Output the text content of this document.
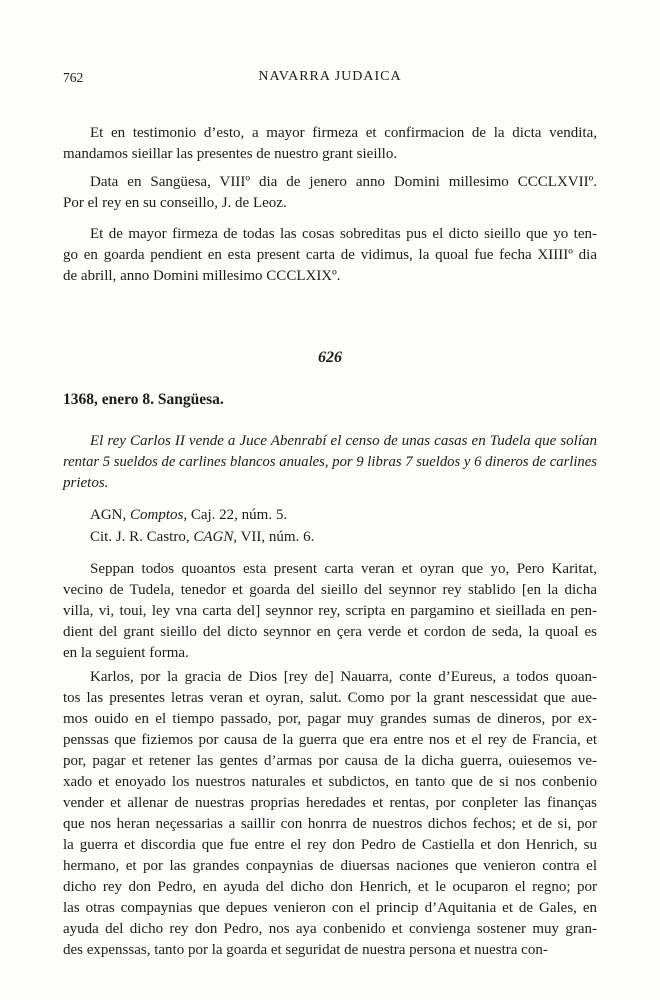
762	NAVARRA JUDAICA
Et en testimonio d’esto, a mayor firmeza et confirmacion de la dicta vendita,
mandamos sieillar las presentes de nuestro grant sieillo.
Data en Sangüesa, VIIIº dia de jenero anno Domini millesimo CCCLXVIIº.
Por el rey en su conseillo, J. de Leoz.
Et de mayor firmeza de todas las cosas sobreditas pus el dicto sieillo que yo ten-
go en goarda pendient en esta present carta de vidimus, la quoal fue fecha XIIIIº dia
de abrill, anno Domini millesimo CCCLXIXº.
626
1368, enero 8. Sangüesa.
El rey Carlos II vende a Juce Abenrabí el censo de unas casas en Tudela que solían
rentar 5 sueldos de carlines blancos anuales, por 9 libras 7 sueldos y 6 dineros de carlines
prietos.
AGN, Comptos, Caj. 22, núm. 5.
Cit. J. R. Castro, CAGN, VII, núm. 6.
Seppan todos quoantos esta present carta veran et oyran que yo, Pero Karitat,
vecino de Tudela, tenedor et goarda del sieillo del seynnor rey stablido [en la dicha
villa, vi, toui, ley vna carta del] seynnor rey, scripta en pargamino et sieillada en pen-
dient del grant sieillo del dicto seynnor en çera verde et cordon de seda, la quoal es
en la seguient forma.
Karlos, por la gracia de Dios [rey de] Nauarra, conte d’Eureus, a todos quoan-
tos las presentes letras veran et oyran, salut. Como por la grant nescessidat que aue-
mos ouido en el tiempo passado, por, pagar muy grandes sumas de dineros, por ex-
penssas que fiziemos por causa de la guerra que era entre nos et el rey de Francia, et
por, pagar et retener las gentes d’armas por causa de la dicha guerra, ouiesemos ve-
xado et enoyado los nuestros naturales et subdictos, en tanto que de si nos conbenio
vender et allenar de nuestras proprias heredades et rentas, por conpleter las finanças
que nos heran neçessarias a saillir con honrra de nuestros dichos fechos; et de si, por
la guerra et discordia que fue entre el rey don Pedro de Castiella et don Henrich, su
hermano, et por las grandes conpaynias de diuersas naciones que venieron contra el
dicho rey don Pedro, en ayuda del dicho don Henrich, et le ocuparon el regno; por
las otras compaynias que depues venieron con el princip d’Aquitania et de Gales, en
ayuda del dicho rey don Pedro, nos aya conbenido et convienga sostener muy gran-
des expenssas, tanto por la goarda et seguridat de nuestra persona et nuestra con-
